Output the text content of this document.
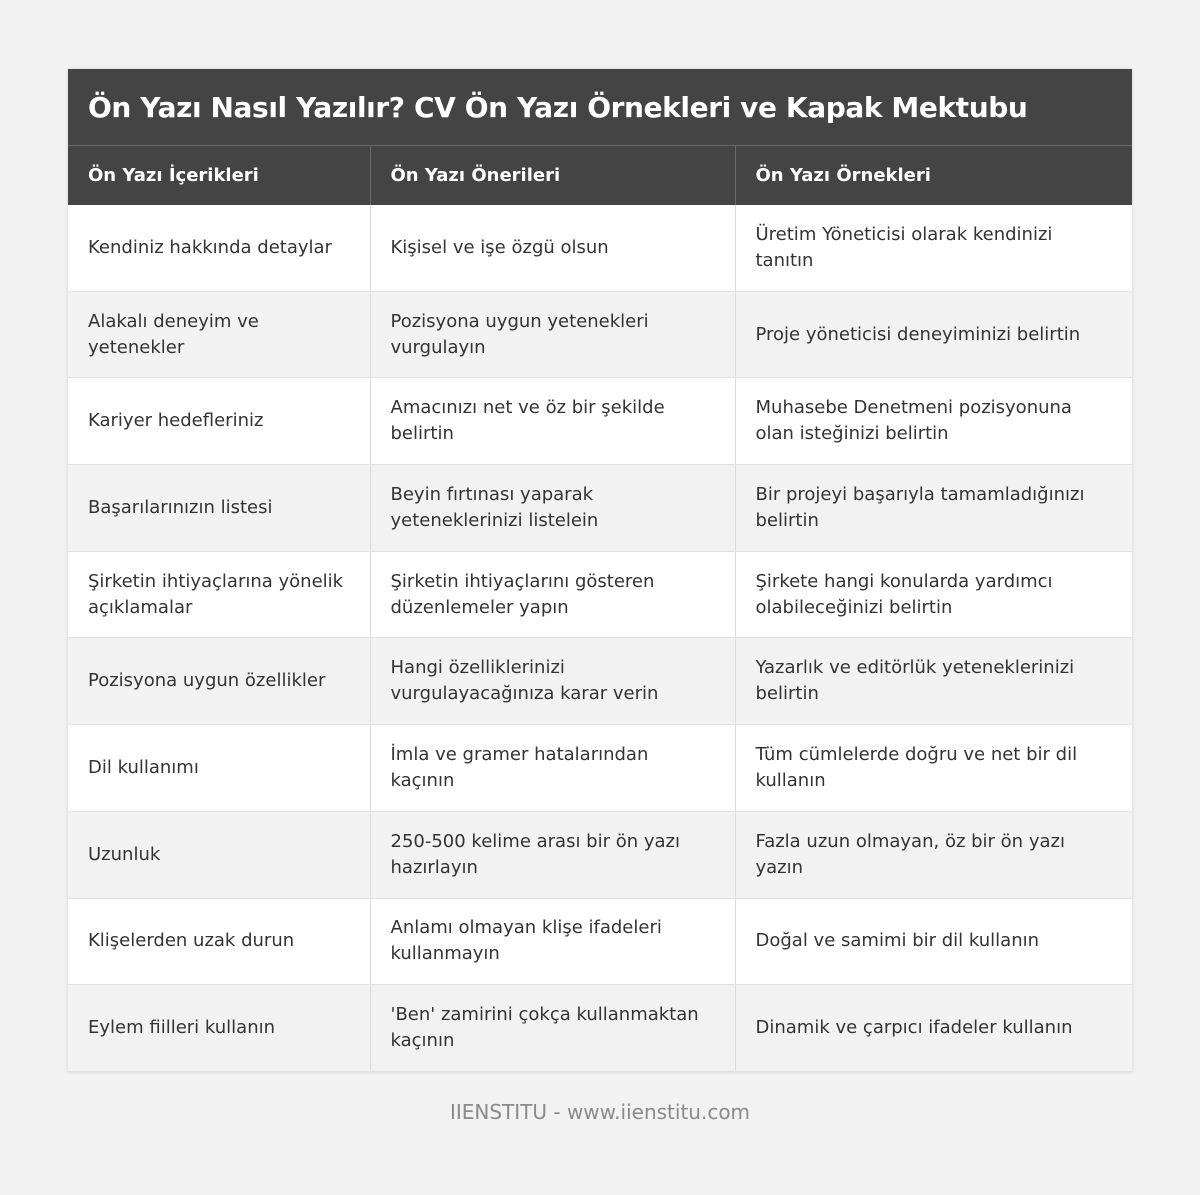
Ön Yazı Nasıl Yazılır? CV Ön Yazı Örnekleri ve Kapak Mektubu
Ön Yazı İçerikleri	Ön Yazı Önerileri	Ön Yazı Örnekleri
Kendiniz hakkında detaylar	Kişisel ve işe özgü olsun	Üretim Yöneticisi olarak kendinizi tanıtın
Alakalı deneyim ve yetenekler	Pozisyona uygun yetenekleri vurgulayın	Proje yöneticisi deneyiminizi belirtin
Kariyer hedefleriniz	Amacınızı net ve öz bir şekilde belirtin	Muhasebe Denetmeni pozisyonuna olan isteğinizi belirtin
Başarılarınızın listesi	Beyin fırtınası yaparak yeteneklerinizi listelein	Bir projeyi başarıyla tamamladığınızı belirtin
Şirketin ihtiyaçlarına yönelik açıklamalar	Şirketin ihtiyaçlarını gösteren düzenlemeler yapın	Şirkete hangi konularda yardımcı olabileceğinizi belirtin
Pozisyona uygun özellikler	Hangi özelliklerinizi vurgulayacağınıza karar verin	Yazarlık ve editörlük yeteneklerinizi belirtin
Dil kullanımı	İmla ve gramer hatalarından kaçının	Tüm cümlelerde doğru ve net bir dil kullanın
Uzunluk	250-500 kelime arası bir ön yazı hazırlayın	Fazla uzun olmayan, öz bir ön yazı yazın
Klişelerden uzak durun	Anlamı olmayan klişe ifadeleri kullanmayın	Doğal ve samimi bir dil kullanın
Eylem fiilleri kullanın	'Ben' zamirini çokça kullanmaktan kaçının	Dinamik ve çarpıcı ifadeler kullanın
IIENSTITU - www.iienstitu.com
